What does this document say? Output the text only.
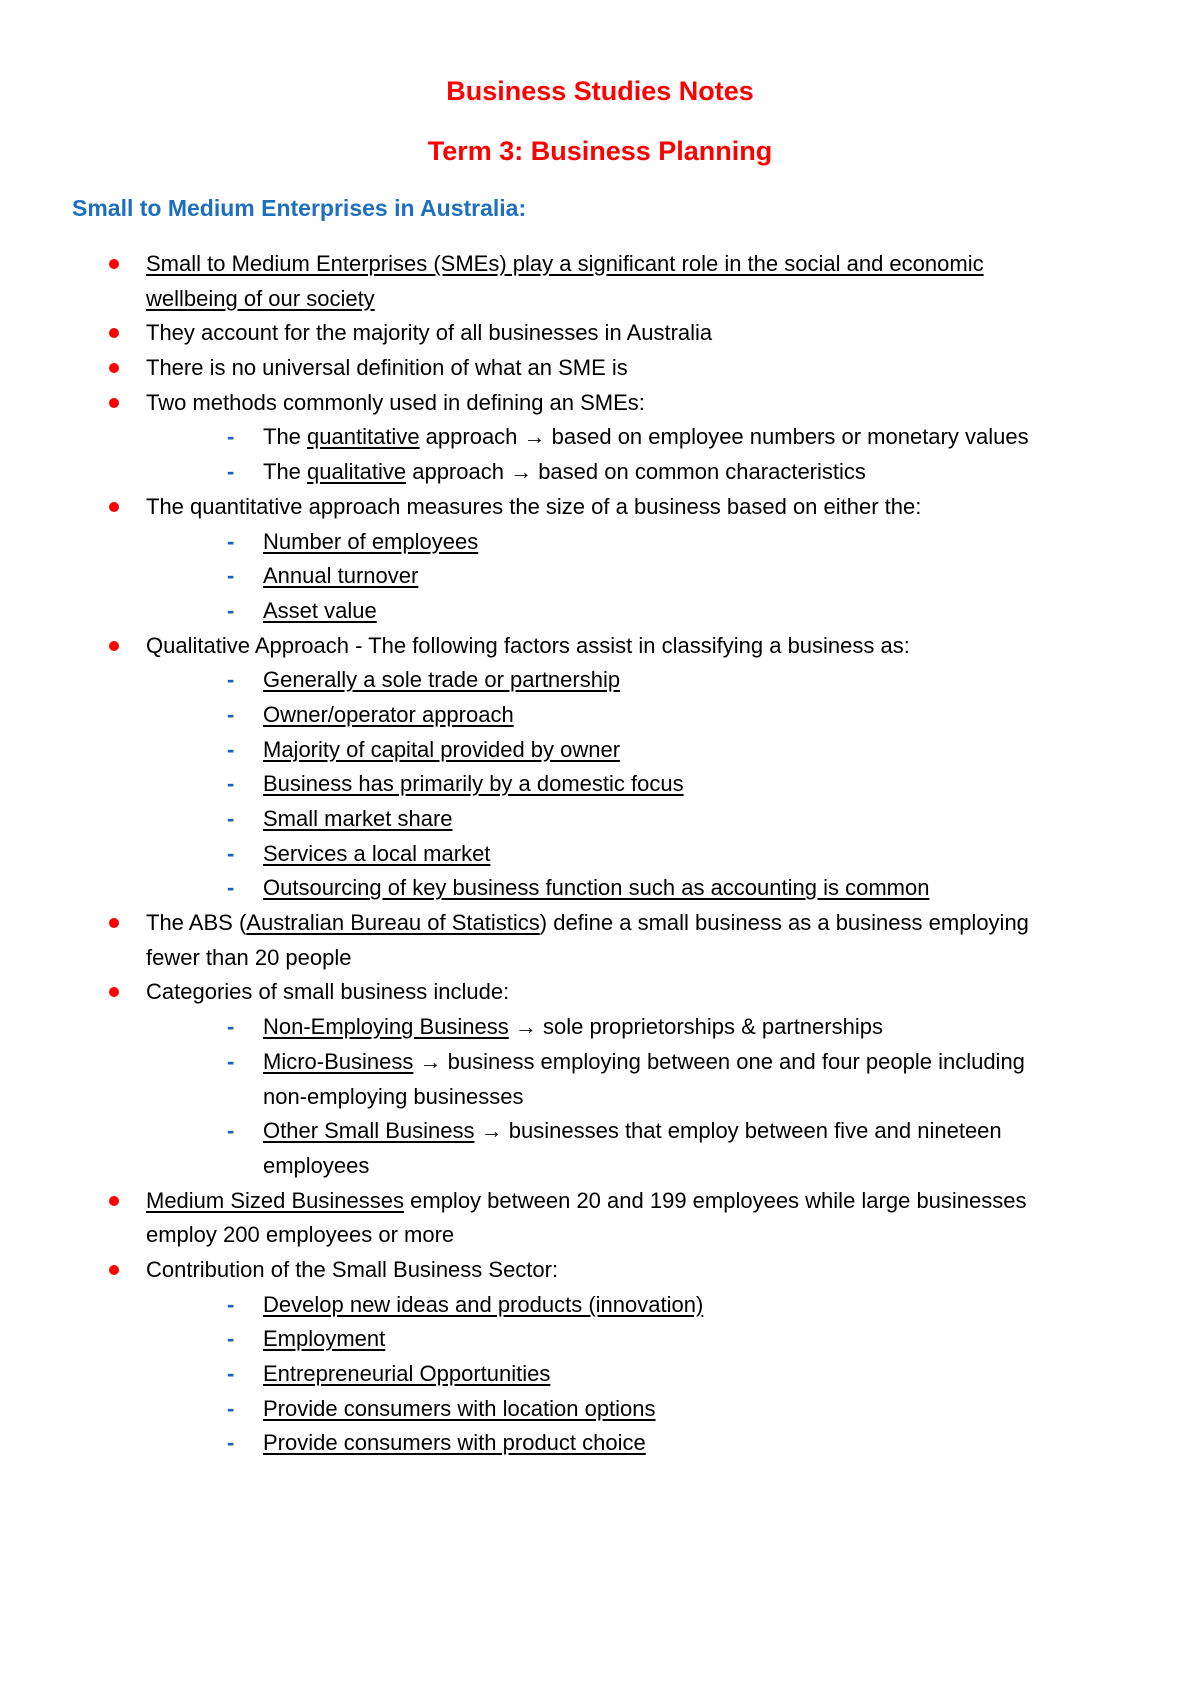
Business Studies Notes
Term 3: Business Planning
Small to Medium Enterprises in Australia:
Small to Medium Enterprises (SMEs) play a significant role in the social and economic
wellbeing of our society
They account for the majority of all businesses in Australia
There is no universal definition of what an SME is
Two methods commonly used in defining an SMEs:
- The quantitative approach → based on employee numbers or monetary values
- The qualitative approach → based on common characteristics
The quantitative approach measures the size of a business based on either the:
- Number of employees
- Annual turnover
- Asset value
Qualitative Approach - The following factors assist in classifying a business as:
- Generally a sole trade or partnership
- Owner/operator approach
- Majority of capital provided by owner
- Business has primarily by a domestic focus
- Small market share
- Services a local market
- Outsourcing of key business function such as accounting is common
The ABS (Australian Bureau of Statistics) define a small business as a business employing
fewer than 20 people
Categories of small business include:
- Non-Employing Business → sole proprietorships & partnerships
- Micro-Business → business employing between one and four people including
non-employing businesses
- Other Small Business → businesses that employ between five and nineteen
employees
Medium Sized Businesses employ between 20 and 199 employees while large businesses
employ 200 employees or more
Contribution of the Small Business Sector:
- Develop new ideas and products (innovation)
- Employment
- Entrepreneurial Opportunities
- Provide consumers with location options
- Provide consumers with product choice
